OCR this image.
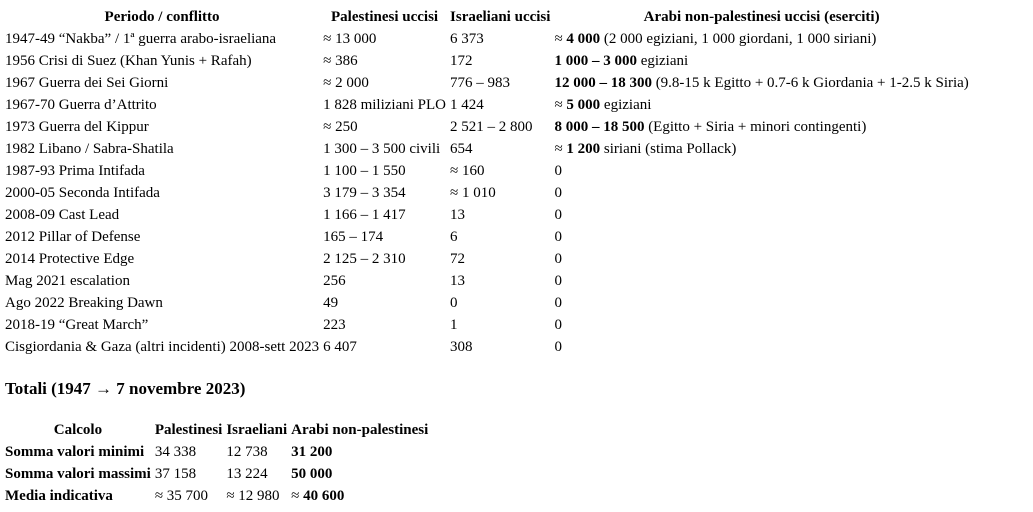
Periodo / conflitto	Palestinesi uccisi	Israeliani uccisi	Arabi non-palestinesi uccisi (eserciti)
1947-49 “Nakba” / 1ª guerra arabo-israeliana	≈ 13 000	6 373	≈ 4 000 (2 000 egiziani, 1 000 giordani, 1 000 siriani)
1956 Crisi di Suez (Khan Yunis + Rafah)	≈ 386	172	1 000 – 3 000 egiziani
1967 Guerra dei Sei Giorni	≈ 2 000	776 – 983	12 000 – 18 300 (9.8-15 k Egitto + 0.7-6 k Giordania + 1-2.5 k Siria)
1967-70 Guerra d’Attrito	1 828 miliziani PLO	1 424	≈ 5 000 egiziani
1973 Guerra del Kippur	≈ 250	2 521 – 2 800	8 000 – 18 500 (Egitto + Siria + minori contingenti)
1982 Libano / Sabra-Shatila	1 300 – 3 500 civili	654	≈ 1 200 siriani (stima Pollack)
1987-93 Prima Intifada	1 100 – 1 550	≈ 160	0
2000-05 Seconda Intifada	3 179 – 3 354	≈ 1 010	0
2008-09 Cast Lead	1 166 – 1 417	13	0
2012 Pillar of Defense	165 – 174	6	0
2014 Protective Edge	2 125 – 2 310	72	0
Mag 2021 escalation	256	13	0
Ago 2022 Breaking Dawn	49	0	0
2018-19 “Great March”	223	1	0
Cisgiordania & Gaza (altri incidenti) 2008-sett 2023	6 407	308	0
Totali (1947 → 7 novembre 2023)
Calcolo	Palestinesi	Israeliani	Arabi non-palestinesi
Somma valori minimi	34 338	12 738	31 200
Somma valori massimi	37 158	13 224	50 000
Media indicativa	≈ 35 700	≈ 12 980	≈ 40 600
